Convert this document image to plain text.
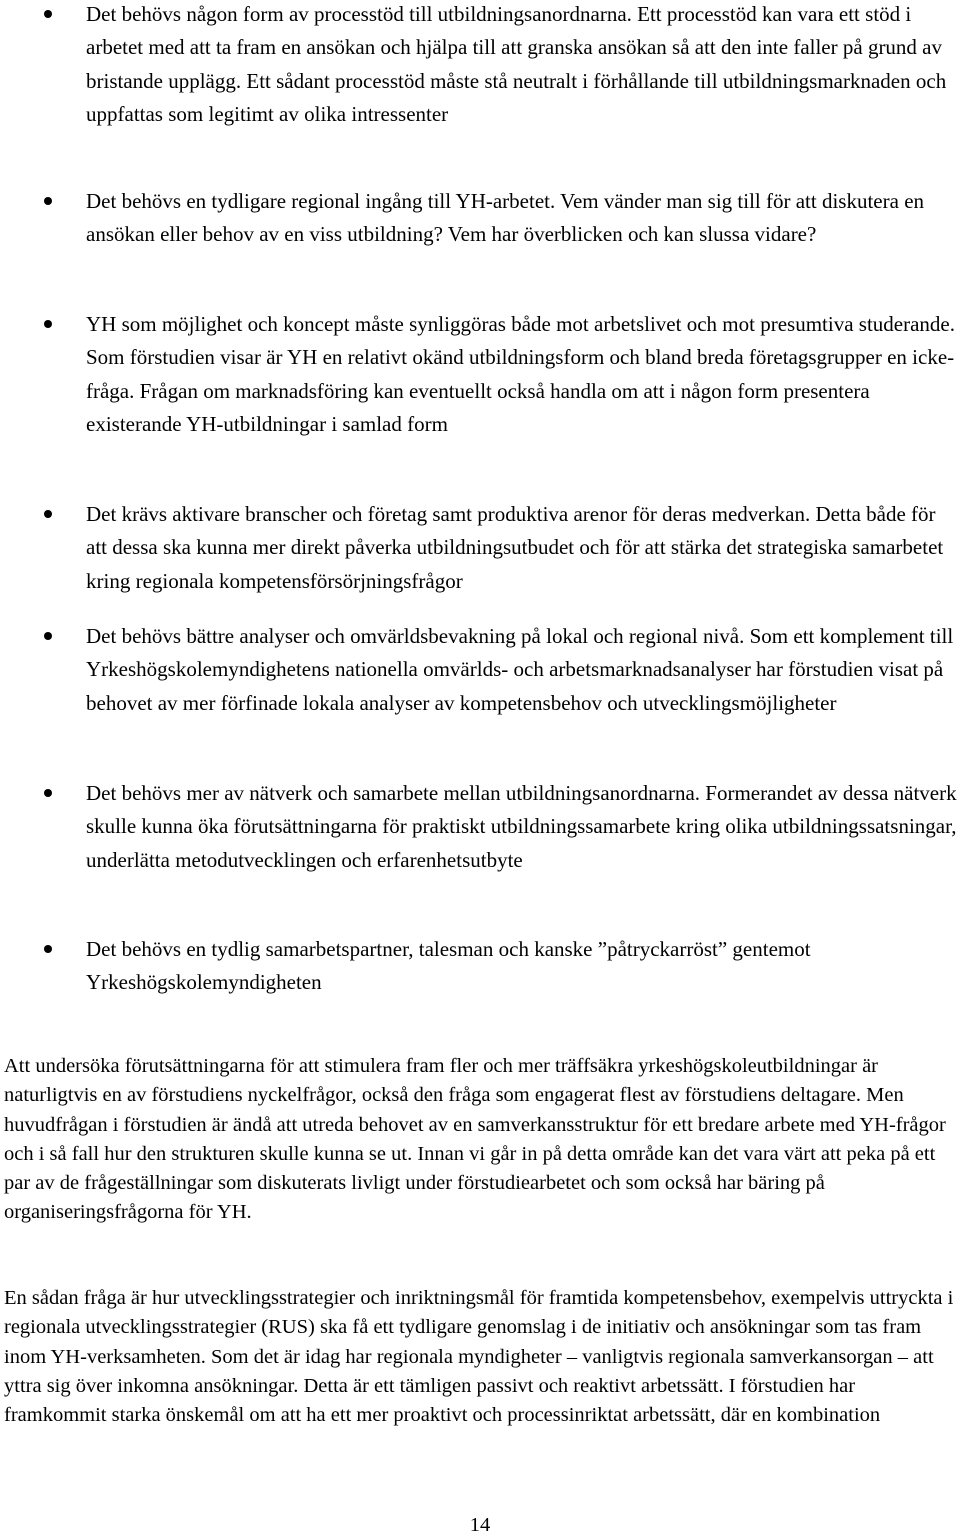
Det behövs någon form av processtöd till utbildningsanordnarna. Ett processtöd kan vara ett stöd i arbetet med att ta fram en ansökan och hjälpa till att granska ansökan så att den inte faller på grund av bristande upplägg. Ett sådant processtöd måste stå neutralt i förhållande till utbildningsmarknaden och uppfattas som legitimt av olika intressenter
Det behövs en tydligare regional ingång till YH-arbetet. Vem vänder man sig till för att diskutera en ansökan eller behov av en viss utbildning? Vem har överblicken och kan slussa vidare?
YH som möjlighet och koncept måste synliggöras både mot arbetslivet och mot presumtiva studerande. Som förstudien visar är YH en relativt okänd utbildningsform och bland breda företagsgrupper en icke-fråga. Frågan om marknadsföring kan eventuellt också handla om att i någon form presentera existerande YH-utbildningar i samlad form
Det krävs aktivare branscher och företag samt produktiva arenor för deras medverkan. Detta både för att dessa ska kunna mer direkt påverka utbildningsutbudet och för att stärka det strategiska samarbetet kring regionala kompetensförsörjningsfrågor
Det behövs bättre analyser och omvärldsbevakning på lokal och regional nivå. Som ett komplement till Yrkeshögskolemyndighetens nationella omvärlds- och arbetsmarknadsanalyser har förstudien visat på behovet av mer förfinade lokala analyser av kompetensbehov och utvecklingsmöjligheter
Det behövs mer av nätverk och samarbete mellan utbildningsanordnarna. Formerandet av dessa nätverk skulle kunna öka förutsättningarna för praktiskt utbildningssamarbete kring olika utbildningssatsningar, underlätta metodutvecklingen och erfarenhetsutbyte
Det behövs en tydlig samarbetspartner, talesman och kanske ”påtryckarröst” gentemot Yrkeshögskolemyndigheten

Att undersöka förutsättningarna för att stimulera fram fler och mer träffsäkra yrkeshögskoleutbildningar är naturligtvis en av förstudiens nyckelfrågor, också den fråga som engagerat flest av förstudiens deltagare. Men huvudfrågan i förstudien är ändå att utreda behovet av en samverkansstruktur för ett bredare arbete med YH-frågor och i så fall hur den strukturen skulle kunna se ut. Innan vi går in på detta område kan det vara värt att peka på ett par av de frågeställningar som diskuterats livligt under förstudiearbetet och som också har bäring på organiseringsfrågorna för YH.

En sådan fråga är hur utvecklingsstrategier och inriktningsmål för framtida kompetensbehov, exempelvis uttryckta i regionala utvecklingsstrategier (RUS) ska få ett tydligare genomslag i de initiativ och ansökningar som tas fram inom YH-verksamheten. Som det är idag har regionala myndigheter – vanligtvis regionala samverkansorgan – att yttra sig över inkomna ansökningar. Detta är ett tämligen passivt och reaktivt arbetssätt. I förstudien har framkommit starka önskemål om att ha ett mer proaktivt och processinriktat arbetssätt, där en kombination

14
